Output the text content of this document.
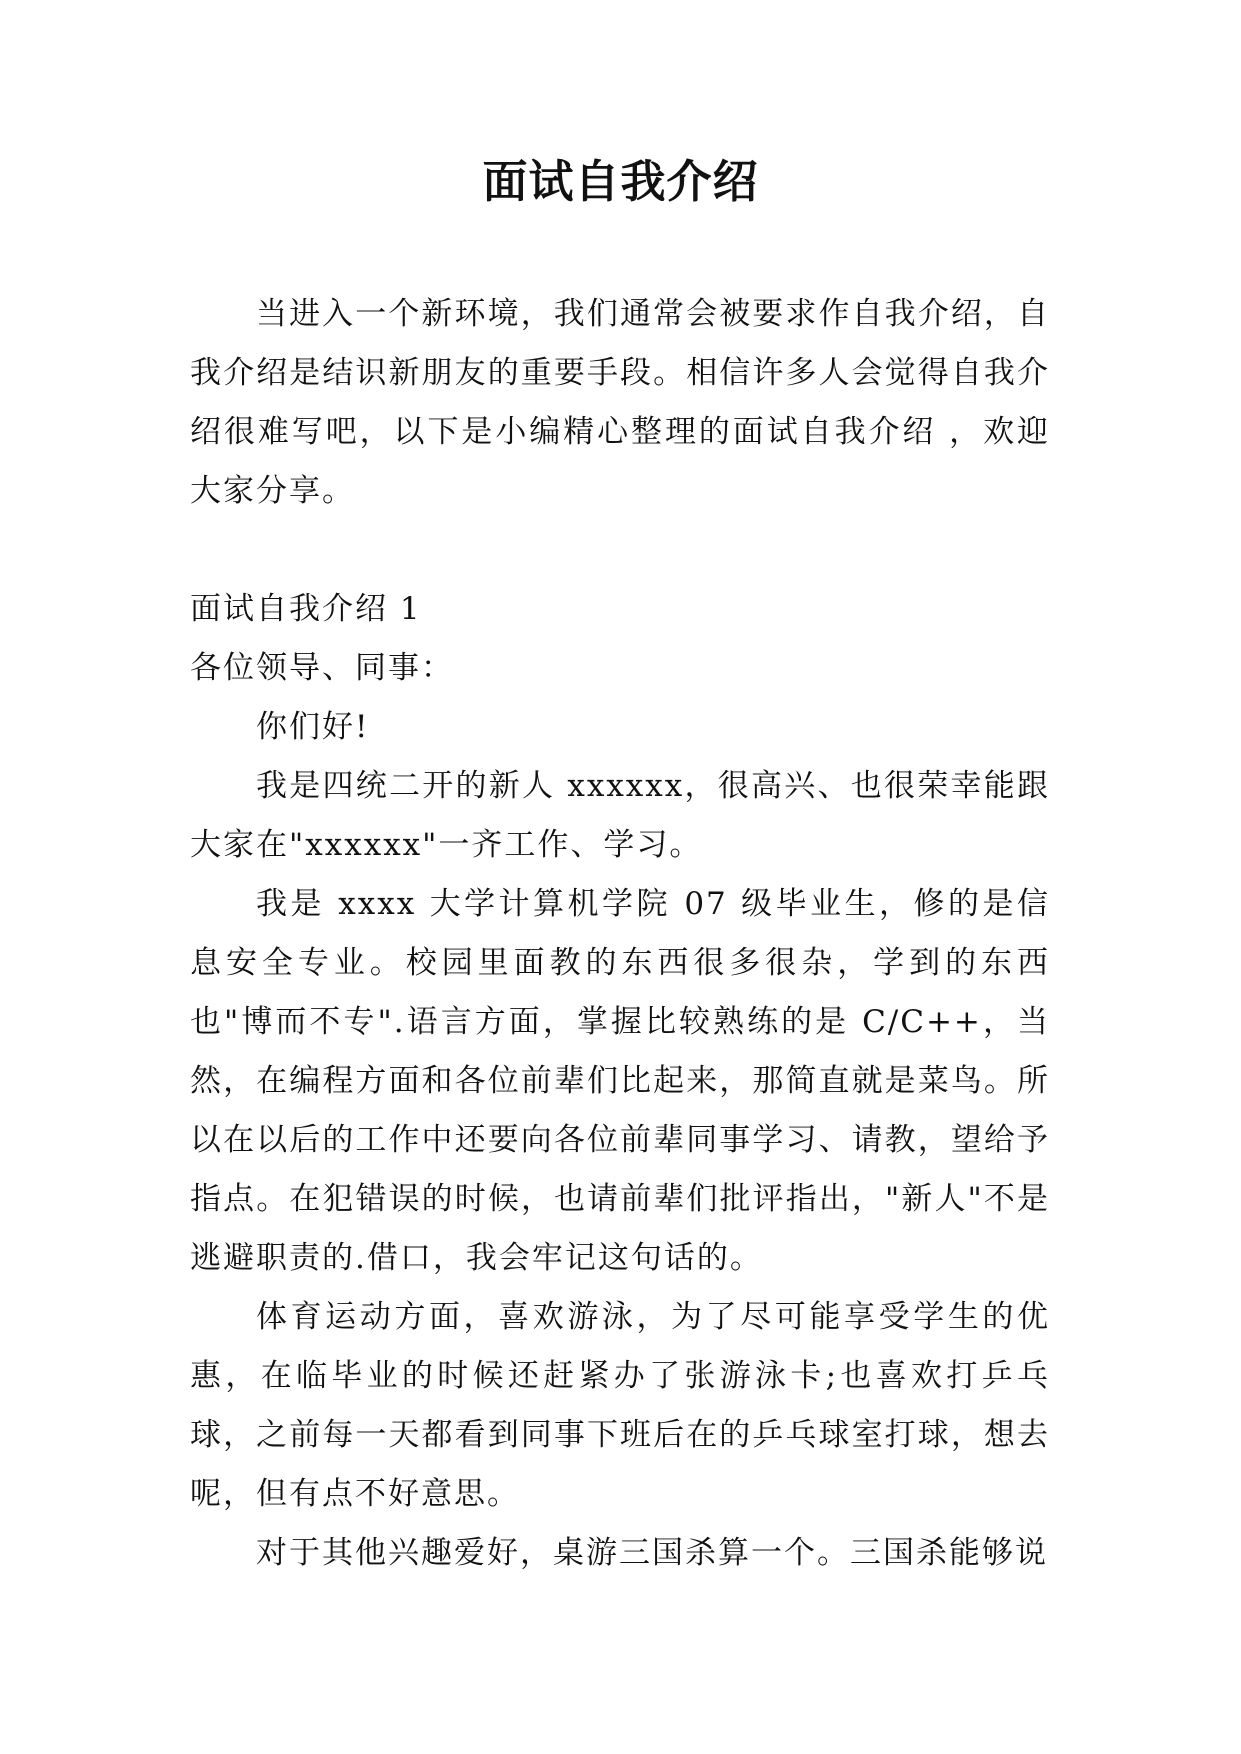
面试自我介绍

当进入一个新环境，我们通常会被要求作自我介绍，自我介绍是结识新朋友的重要手段。相信许多人会觉得自我介绍很难写吧，以下是小编精心整理的面试自我介绍 ，欢迎大家分享。

面试自我介绍 1

各位领导、同事：

你们好!

我是四统二开的新人 xxxxxx，很高兴、也很荣幸能跟大家在"xxxxxx"一齐工作、学习。

我是 xxxx 大学计算机学院 07 级毕业生，修的是信息安全专业。校园里面教的东西很多很杂，学到的东西也"博而不专".语言方面，掌握比较熟练的是 C/C++，当然，在编程方面和各位前辈们比起来，那简直就是菜鸟。所以在以后的工作中还要向各位前辈同事学习、请教，望给予指点。在犯错误的时候，也请前辈们批评指出，"新人"不是逃避职责的.借口，我会牢记这句话的。

体育运动方面，喜欢游泳，为了尽可能享受学生的优惠，在临毕业的时候还赶紧办了张游泳卡;也喜欢打乒乓球，之前每一天都看到同事下班后在的乒乓球室打球，想去呢，但有点不好意思。

对于其他兴趣爱好，桌游三国杀算一个。三国杀能够说
